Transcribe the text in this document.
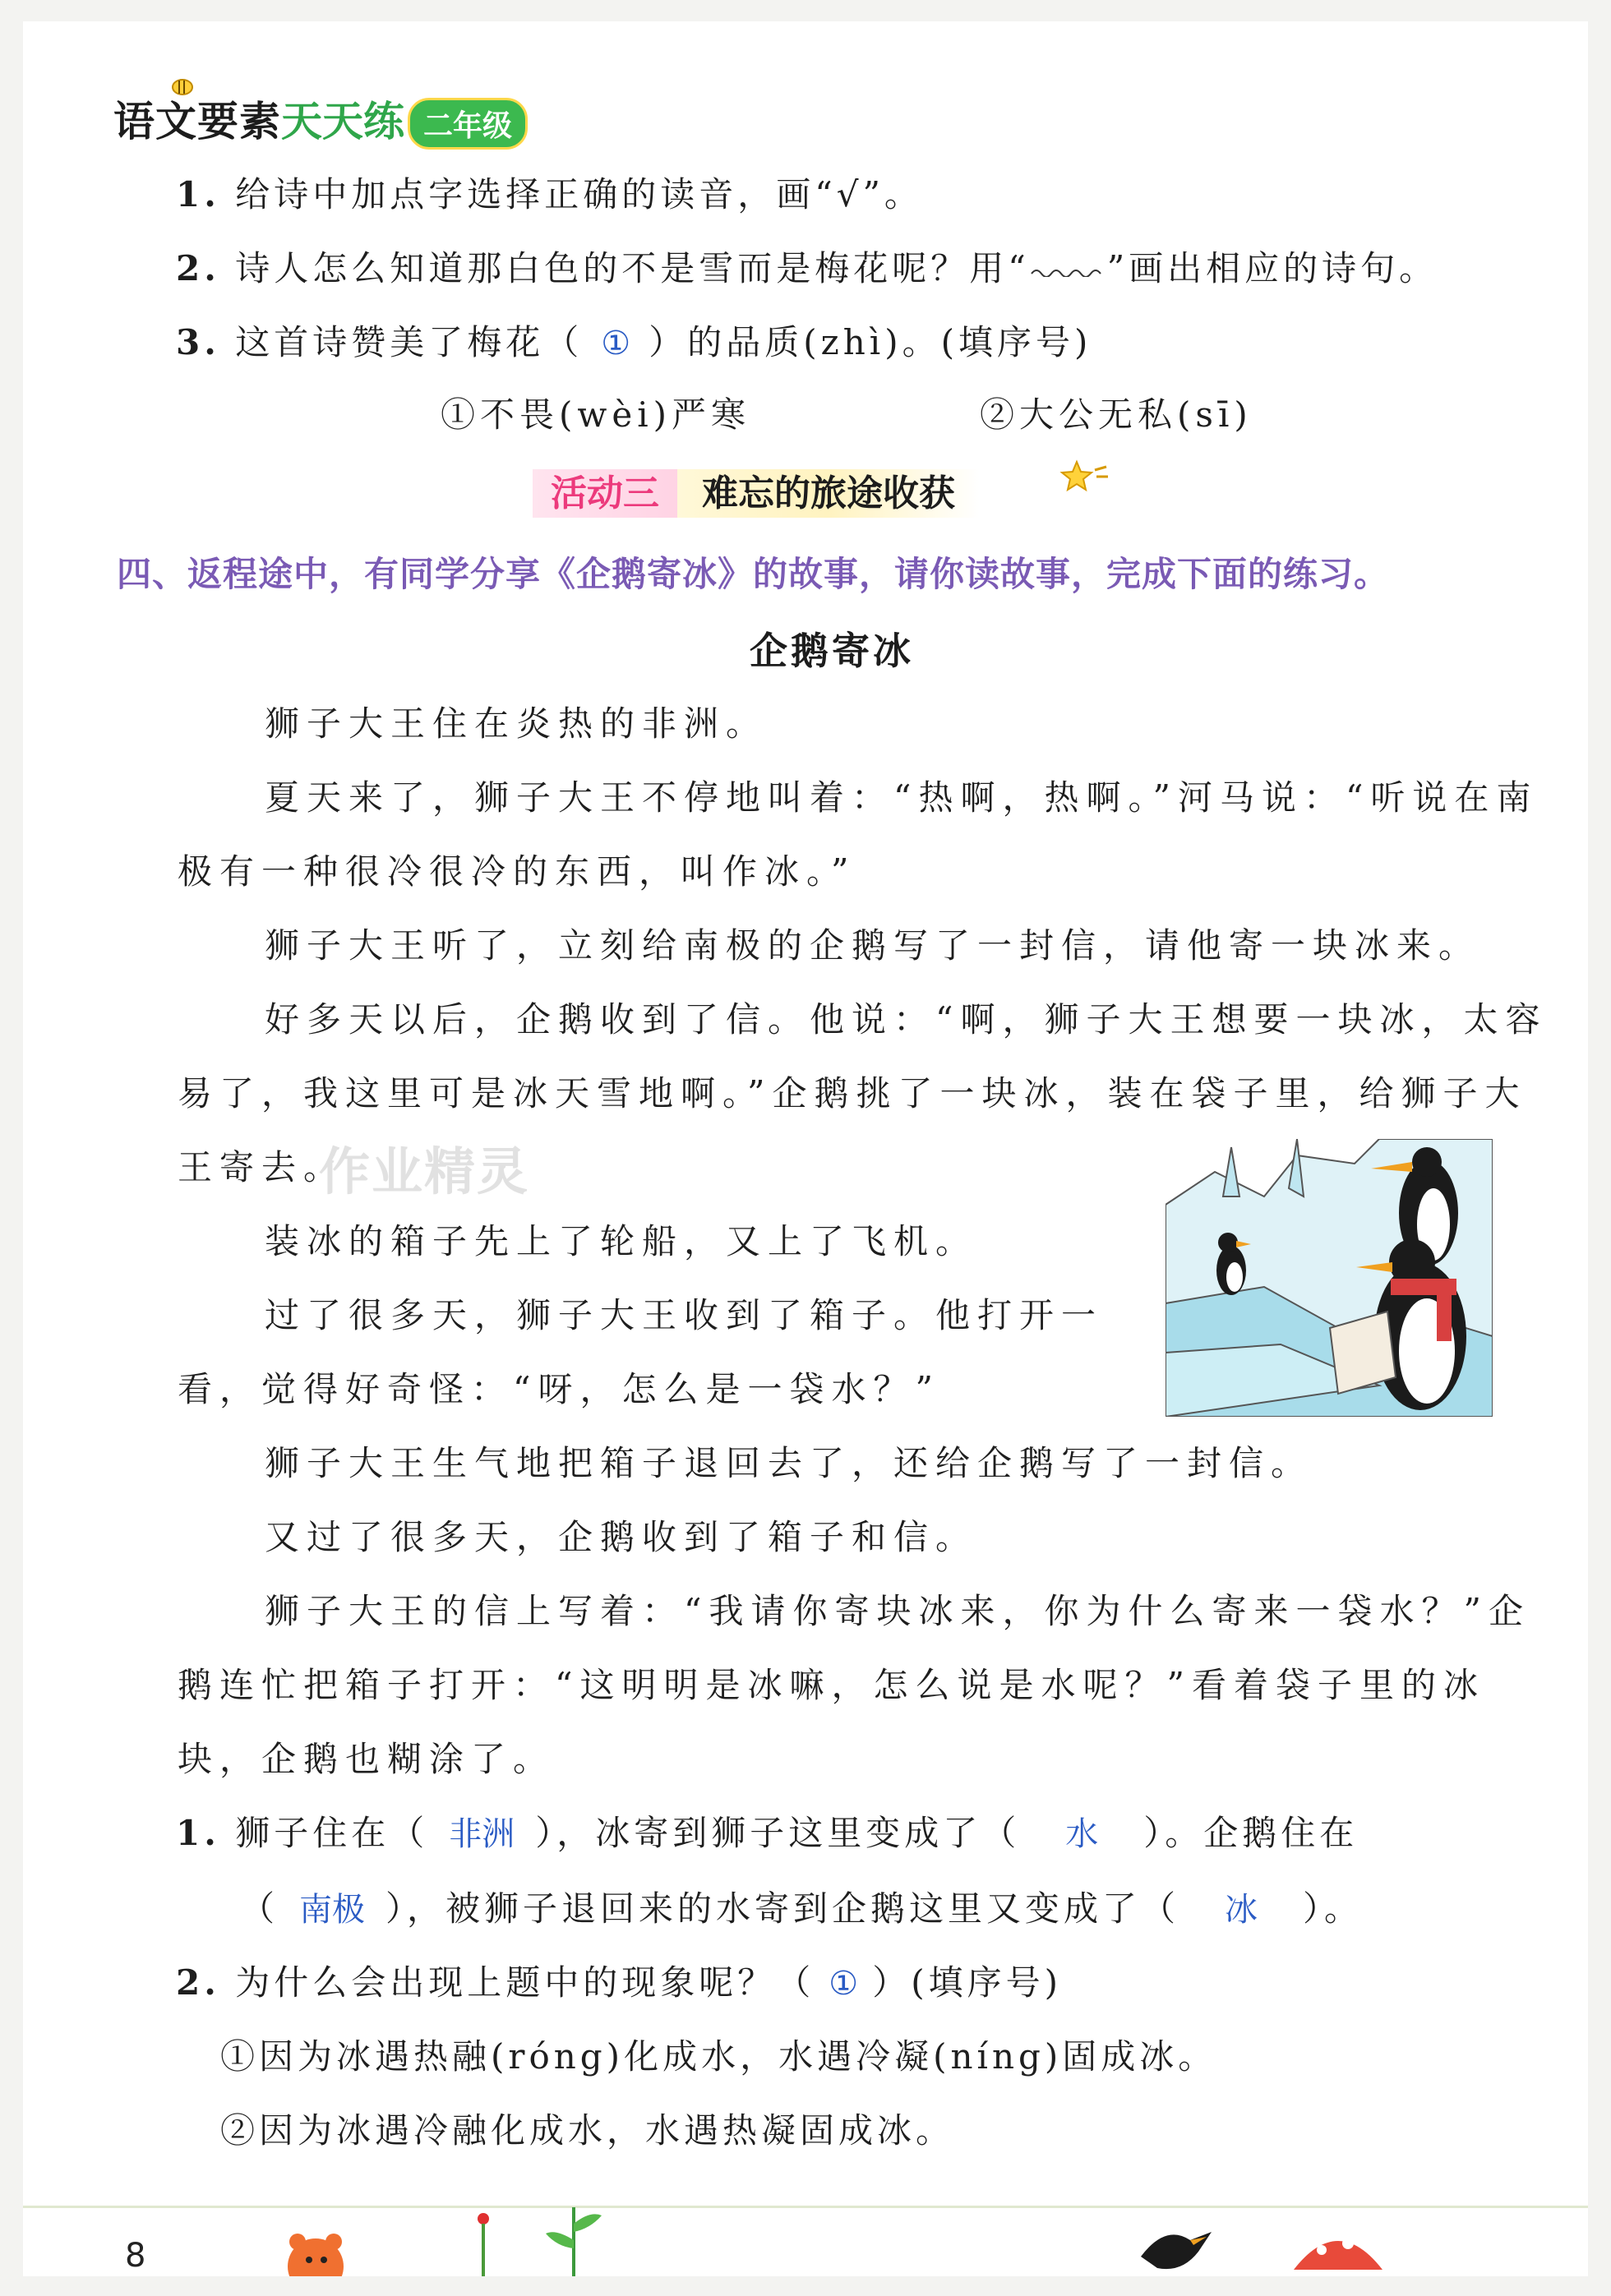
语文要素天天练 二年级
1. 给诗中加点字选择正确的读音，画“√”。
2. 诗人怎么知道那白色的不是雪而是梅花呢？用“ ”画出相应的诗句。
3. 这首诗赞美了梅花（ ① ）的品质(zhì)。(填序号)
①不畏(wèi)严寒	②大公无私(sī)
活动三 难忘的旅途收获
四、返程途中，有同学分享《企鹅寄冰》的故事，请你读故事，完成下面的练习。
企鹅寄冰
狮子大王住在炎热的非洲。
夏天来了，狮子大王不停地叫着：“热啊，热啊。”河马说：“听说在南
极有一种很冷很冷的东西，叫作冰。”
狮子大王听了，立刻给南极的企鹅写了一封信，请他寄一块冰来。
好多天以后，企鹅收到了信。他说：“啊，狮子大王想要一块冰，太容
易了，我这里可是冰天雪地啊。”企鹅挑了一块冰，装在袋子里，给狮子大
王寄去。
装冰的箱子先上了轮船，又上了飞机。
过了很多天，狮子大王收到了箱子。他打开一
看，觉得好奇怪：“呀，怎么是一袋水？”
狮子大王生气地把箱子退回去了，还给企鹅写了一封信。
又过了很多天，企鹅收到了箱子和信。
狮子大王的信上写着：“我请你寄块冰来，你为什么寄来一袋水？”企
鹅连忙把箱子打开：“这明明是冰嘛，怎么说是水呢？”看着袋子里的冰
块，企鹅也糊涂了。
作业精灵
1. 狮子住在（ 非洲 ），冰寄到狮子这里变成了（ 水 ）。企鹅住在
（ 南极 ），被狮子退回来的水寄到企鹅这里又变成了（ 冰 ）。
2. 为什么会出现上题中的现象呢？（ ① ）(填序号)
①因为冰遇热融(róng)化成水，水遇冷凝(níng)固成冰。
②因为冰遇冷融化成水，水遇热凝固成冰。
8
